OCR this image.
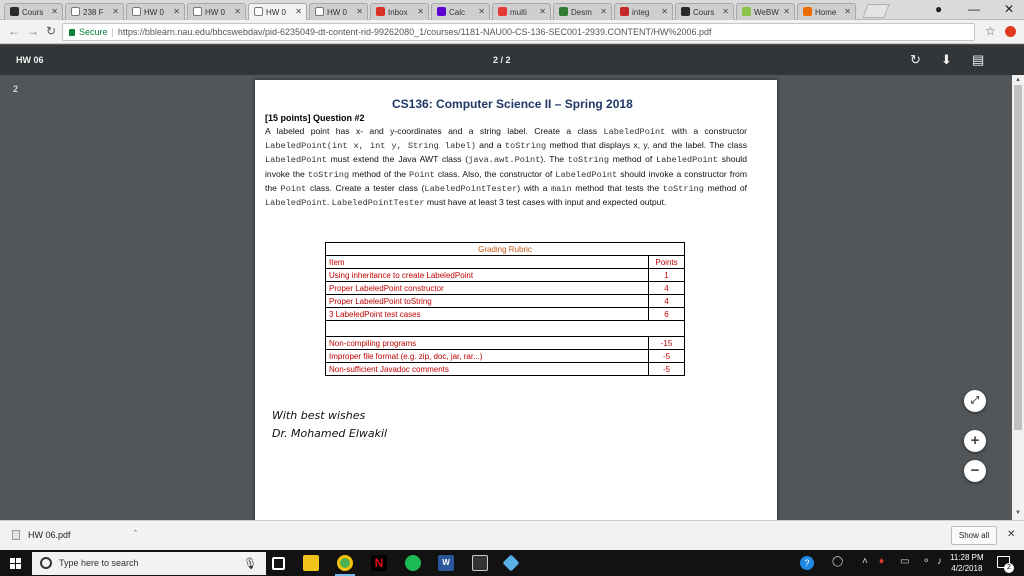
Cours ✕	238 F ✕	HW 0 ✕	HW 0 ✕	HW 0 ✕	HW 0 ✕	Inbox ✕	Calc ✕	multi ✕	Desm ✕	integ ✕	Cours ✕	WeBW ✕	Home ✕	● — ✕
← → ↻	Secure | https://bblearn.nau.edu/bbcswebdav/pid-6235049-dt-content-rid-99262080_1/courses/1181-NAU00-CS-136-SEC001-2939.CONTENT/HW%2006.pdf	☆
HW 06	2 / 2	↻ ⬇ ▤
CS136: Computer Science II – Spring 2018
[15 points] Question #2
A labeled point has x- and y-coordinates and a string label. Create a class LabeledPoint with a constructor LabeledPoint(int x, int y, String label) and a toString method that displays x, y, and the label. The class LabeledPoint must extend the Java AWT class (java.awt.Point). The toString method of LabeledPoint should invoke the toString method of the Point class. Also, the constructor of LabeledPoint should invoke a constructor from the Point class. Create a tester class (LabeledPointTester) with a main method that tests the toString method of LabeledPoint. LabeledPointTester must have at least 3 test cases with input and expected output.
Grading Rubric	
Item	Points
Using inheritance to create LabeledPoint	1
Proper LabeledPoint constructor	4
Proper LabeledPoint toString	4
3 LabeledPoint test cases	6

Non-compiling programs	-15
Improper file format (e.g. zip, doc, jar, rar...)	-5
Non-sufficient Javadoc comments	-5
With best wishes
Dr. Mohamed Elwakil
2
▲
▼
⤢
+
−
HW 06.pdf	ˆ	Show all	✕
Type here to search	🎙	N	W	?	◯ ˄ ♦ ▭ ⚬ ♪ 11:28 PM
4/2/2018	2
